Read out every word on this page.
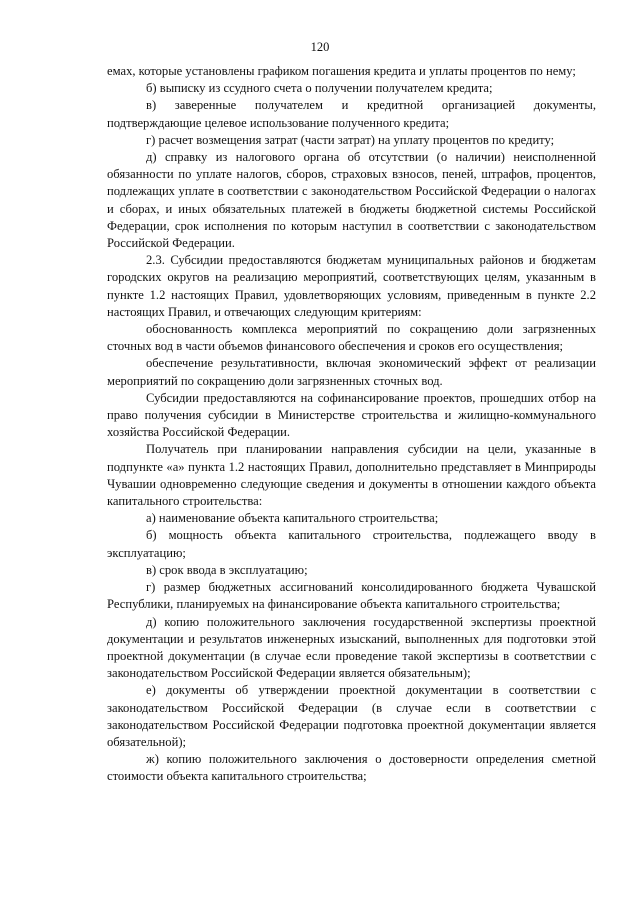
120

емах, которые установлены графиком погашения кредита и уплаты процентов по нему;

б) выписку из ссудного счета о получении получателем кредита;

в) заверенные получателем и кредитной организацией документы, подтверждающие целевое использование полученного кредита;

г) расчет возмещения затрат (части затрат) на уплату процентов по кредиту;

д) справку из налогового органа об отсутствии (о наличии) неисполненной обязанности по уплате налогов, сборов, страховых взносов, пеней, штрафов, процентов, подлежащих уплате в соответствии с законодательством Российской Федерации о налогах и сборах, и иных обязательных платежей в бюджеты бюджетной системы Российской Федерации, срок исполнения по которым наступил в соответствии с законодательством Российской Федерации.

2.3. Субсидии предоставляются бюджетам муниципальных районов и бюджетам городских округов на реализацию мероприятий, соответствующих целям, указанным в пункте 1.2 настоящих Правил, удовлетворяющих условиям, приведенным в пункте 2.2 настоящих Правил, и отвечающих следующим критериям:

обоснованность комплекса мероприятий по сокращению доли загрязненных сточных вод в части объемов финансового обеспечения и сроков его осуществления;

обеспечение результативности, включая экономический эффект от реализации мероприятий по сокращению доли загрязненных сточных вод.

Субсидии предоставляются на софинансирование проектов, прошедших отбор на право получения субсидии в Министерстве строительства и жилищно-коммунального хозяйства Российской Федерации.

Получатель при планировании направления субсидии на цели, указанные в подпункте «а» пункта 1.2 настоящих Правил, дополнительно представляет в Минприроды Чувашии одновременно следующие сведения и документы в отношении каждого объекта капитального строительства:

а) наименование объекта капитального строительства;

б) мощность объекта капитального строительства, подлежащего вводу в эксплуатацию;

в) срок ввода в эксплуатацию;

г) размер бюджетных ассигнований консолидированного бюджета Чувашской Республики, планируемых на финансирование объекта капитального строительства;

д) копию положительного заключения государственной экспертизы проектной документации и результатов инженерных изысканий, выполненных для подготовки этой проектной документации (в случае если проведение такой экспертизы в соответствии с законодательством Российской Федерации является обязательным);

е) документы об утверждении проектной документации в соответствии с законодательством Российской Федерации (в случае если в соответствии с законодательством Российской Федерации подготовка проектной документации является обязательной);

ж) копию положительного заключения о достоверности определения сметной стоимости объекта капитального строительства;
